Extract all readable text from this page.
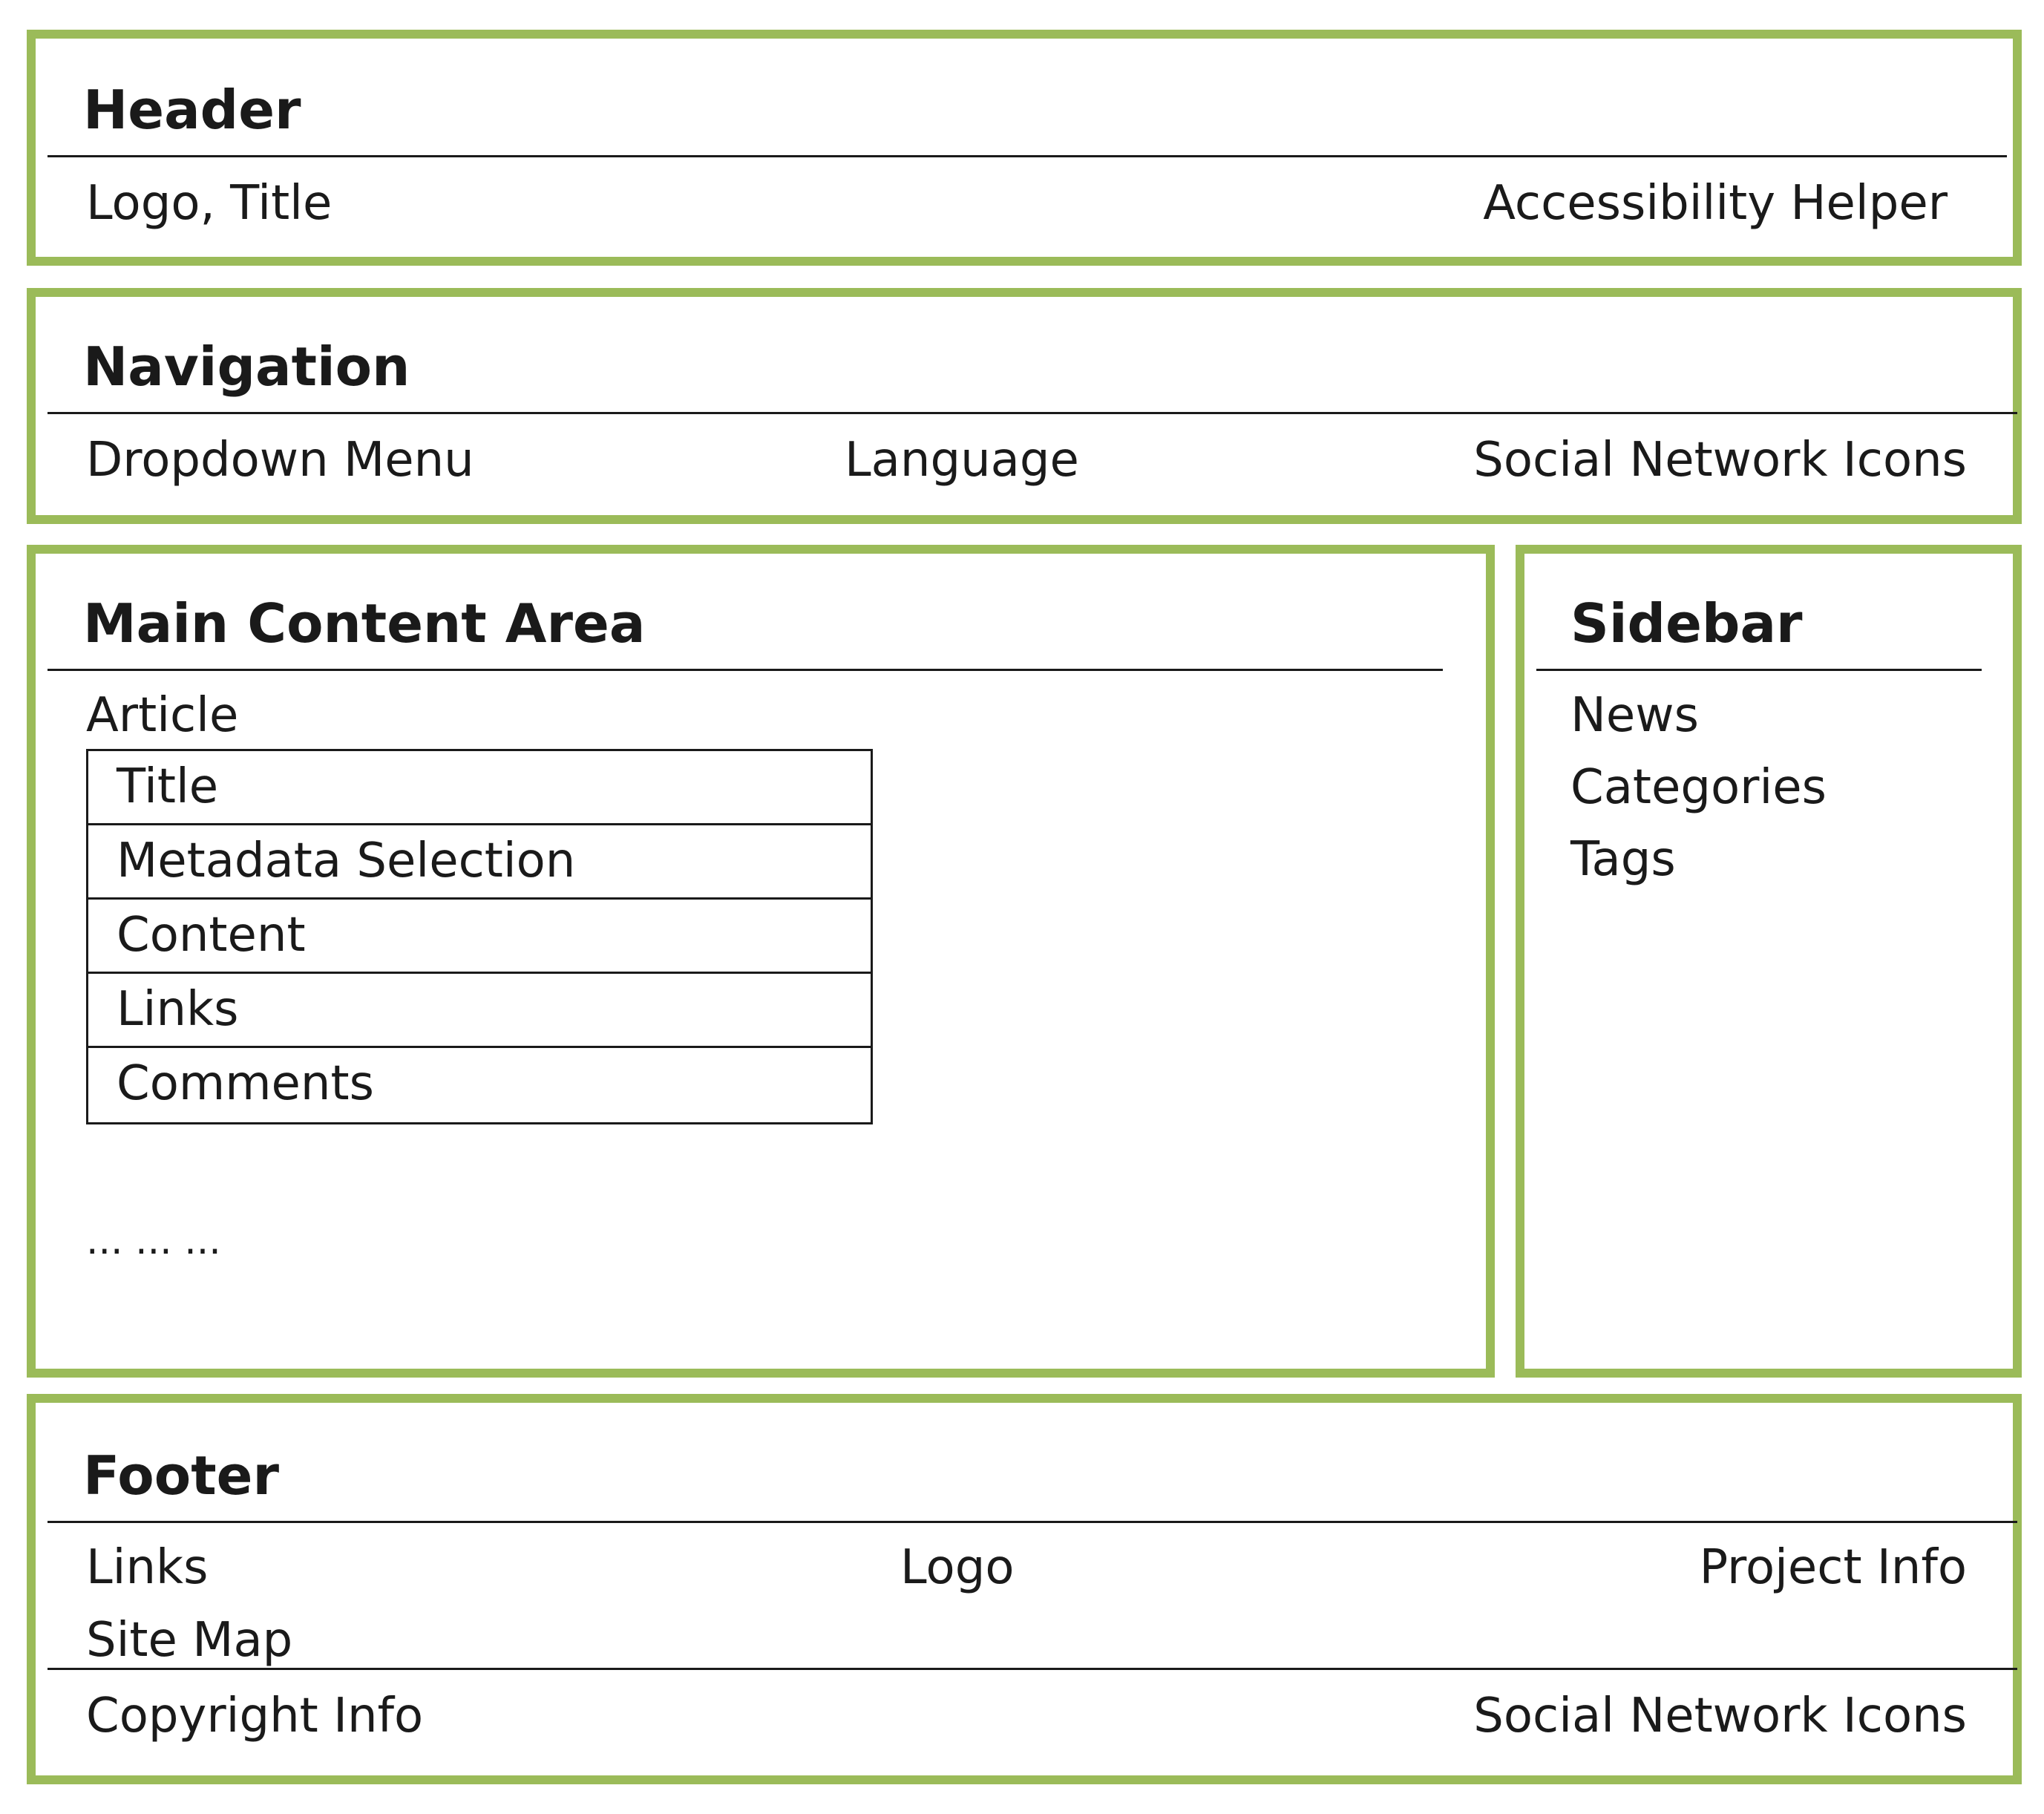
Header
Logo, Title	Accessibility Helper
Navigation
Dropdown Menu	Language	Social Network Icons
Main Content Area
Article
Title
Metadata Selection
Content
Links
Comments
... ... ...
Sidebar
News
Categories
Tags
Footer
Links
Site Map
Logo	Project Info
Copyright Info	Social Network Icons
